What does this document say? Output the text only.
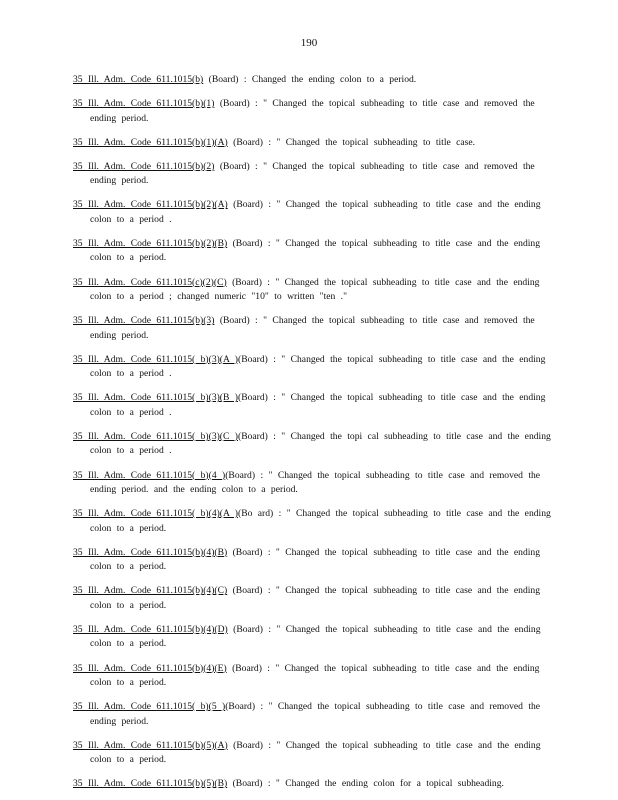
190

35 Ill. Adm. Code 611.1015(b) (Board) : Changed the ending colon to a period.

35 Ill. Adm. Code 611.1015(b)(1) (Board) : " Changed the topical subheading to title case and removed the ending period.

35 Ill. Adm. Code 611.1015(b)(1)(A) (Board) : " Changed the topical subheading to title case.

35 Ill. Adm. Code 611.1015(b)(2) (Board) : " Changed the topical subheading to title case and removed the ending period.

35 Ill. Adm. Code 611.1015(b)(2)(A) (Board) : " Changed the topical subheading to title case and the ending colon to a period .

35 Ill. Adm. Code 611.1015(b)(2)(B) (Board) : " Changed the topical subheading to title case and the ending colon to a period.

35 Ill. Adm. Code 611.1015(c)(2)(C) (Board) : " Changed the topical subheading to title case and the ending colon to a period ; changed numeric "10" to written "ten ."

35 Ill. Adm. Code 611.1015(b)(3) (Board) : " Changed the topical subheading to title case and removed the ending period.

35 Ill. Adm. Code 611.1015( b)(3)(A )(Board) : " Changed the topical subheading to title case and the ending colon to a period .

35 Ill. Adm. Code 611.1015( b)(3)(B )(Board) : " Changed the topical subheading to title case and the ending colon to a period .

35 Ill. Adm. Code 611.1015( b)(3)(C )(Board) : " Changed the topi cal subheading to title case and the ending colon to a period .

35 Ill. Adm. Code 611.1015( b)(4 )(Board) : " Changed the topical subheading to title case and removed the ending period. and the ending colon to a period.

35 Ill. Adm. Code 611.1015( b)(4)(A )(Bo ard) : " Changed the topical subheading to title case and the ending colon to a period.

35 Ill. Adm. Code 611.1015(b)(4)(B) (Board) : " Changed the topical subheading to title case and the ending colon to a period.

35 Ill. Adm. Code 611.1015(b)(4)(C) (Board) : " Changed the topical subheading to title case and the ending colon to a period.

35 Ill. Adm. Code 611.1015(b)(4)(D) (Board) : " Changed the topical subheading to title case and the ending colon to a period.

35 Ill. Adm. Code 611.1015(b)(4)(E) (Board) : " Changed the topical subheading to title case and the ending colon to a period.

35 Ill. Adm. Code 611.1015( b)(5 )(Board) : " Changed the topical subheading to title case and removed the ending period.

35 Ill. Adm. Code 611.1015(b)(5)(A) (Board) : " Changed the topical subheading to title case and the ending colon to a period.

35 Ill. Adm. Code 611.1015(b)(5)(B) (Board) : " Changed the ending colon for a topical subheading.
